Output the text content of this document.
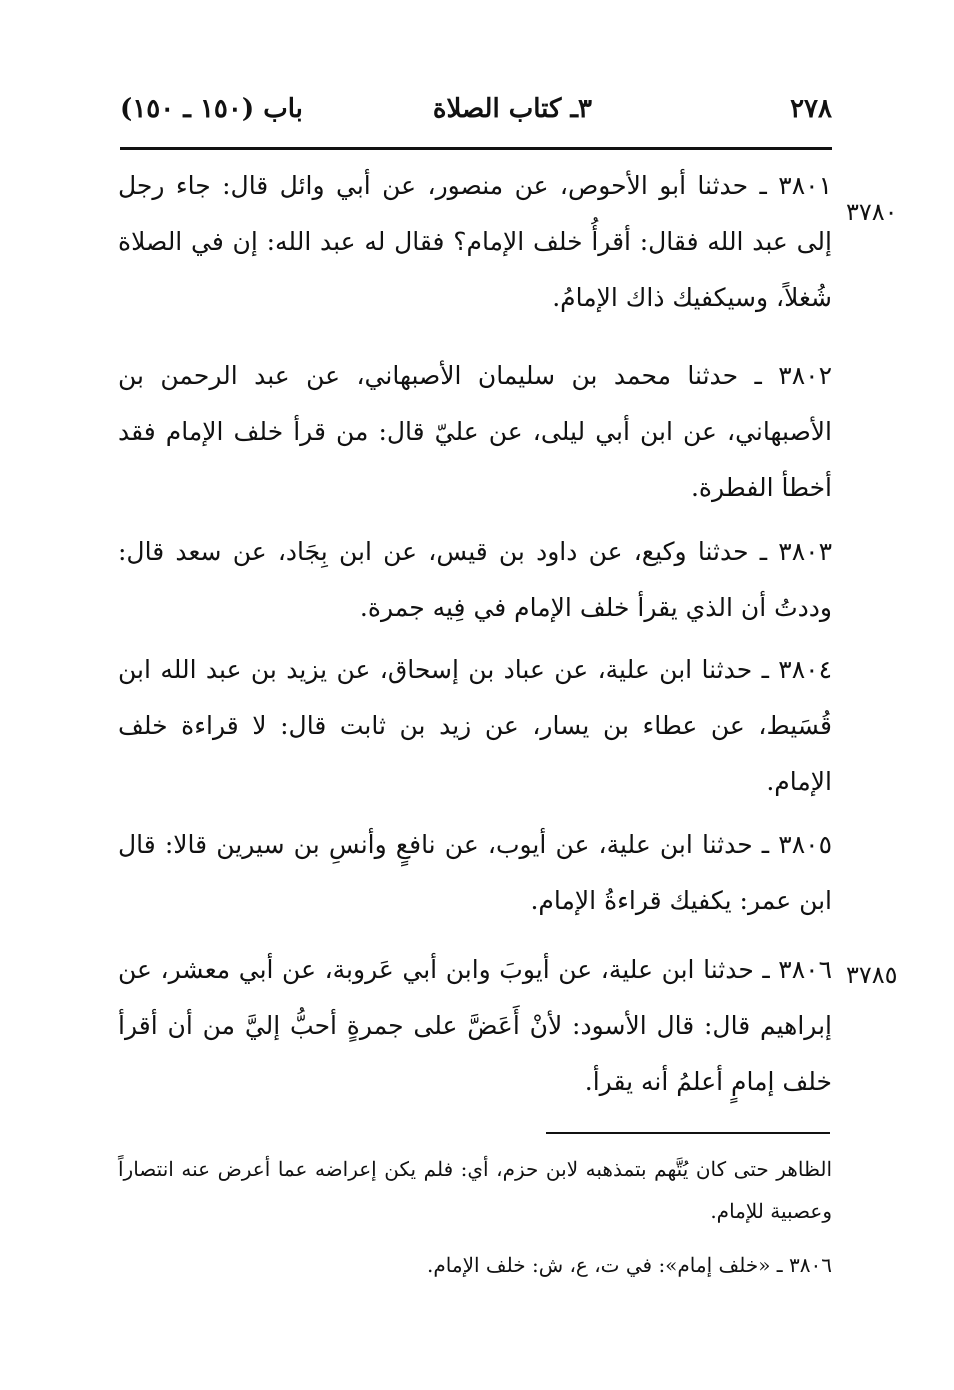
٢٧٨
٣ـ كتاب الصلاة
باب (١٥٠ ـ ١٥٠)
٣٧٨٠
٣٧٨٥

٣٨٠١ ـ حدثنا أبو الأحوص، عن منصور، عن أبي وائل قال: جاء رجل إلى عبد الله فقال: أقرأُ خلف الإمام؟ فقال له عبد الله: إن في الصلاة شُغلاً، وسيكفيك ذاك الإمامُ.

٣٨٠٢ ـ حدثنا محمد بن سليمان الأصبهاني، عن عبد الرحمن بن الأصبهاني، عن ابن أبي ليلى، عن عليّ قال: من قرأ خلف الإمام فقد أخطأ الفطرة.

٣٨٠٣ ـ حدثنا وكيع، عن داود بن قيس، عن ابن بِجَاد، عن سعد قال: وددتُ أن الذي يقرأ خلف الإمام في فِيه جمرة.

٣٨٠٤ ـ حدثنا ابن علية، عن عباد بن إسحاق، عن يزيد بن عبد الله ابن قُسَيط، عن عطاء بن يسار، عن زيد بن ثابت قال: لا قراءة خلف الإمام.

٣٨٠٥ ـ حدثنا ابن علية، عن أيوب، عن نافعٍ وأنسِ بن سيرين قالا: قال ابن عمر: يكفيك قراءةُ الإمام.

٣٨٠٦ ـ حدثنا ابن علية، عن أيوبَ وابن أبي عَروبة، عن أبي معشر، عن إبراهيم قال: قال الأسود: لأنْ أَعَضَّ على جمرةٍ أحبُّ إليَّ من أن أقرأ خلف إمامٍ أعلمُ أنه يقرأ.

الظاهر حتى كان يُتَّهم بتمذهبه لابن حزم، أي: فلم يكن إعراضه عما أعرض عنه انتصاراً وعصبية للإمام.

٣٨٠٦ ـ «خلف إمام»: في ت، ع، ش: خلف الإمام.
